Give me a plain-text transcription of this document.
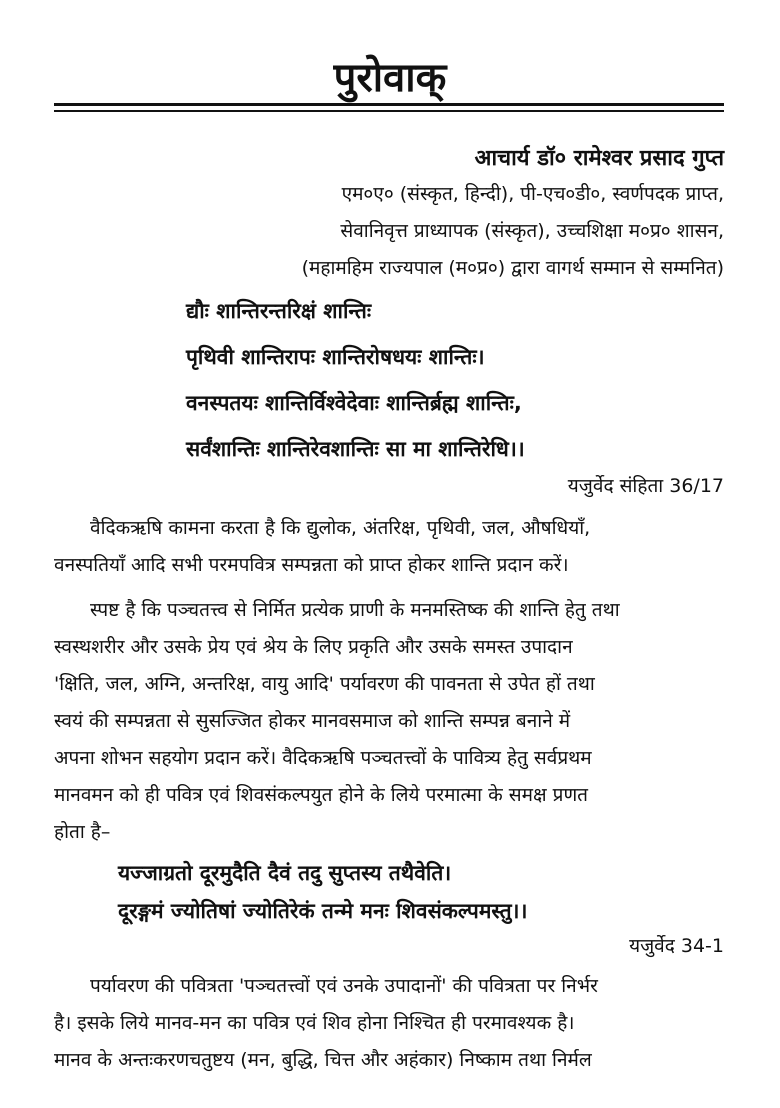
पुरोवाक्
आचार्य डॉ० रामेश्वर प्रसाद गुप्त
एम०ए० (संस्कृत, हिन्दी), पी-एच०डी०, स्वर्णपदक प्राप्त,
सेवानिवृत्त प्राध्यापक (संस्कृत), उच्चशिक्षा म०प्र० शासन,
(महामहिम राज्यपाल (म०प्र०) द्वारा वागर्थ सम्मान से सम्मनित)
द्यौः शान्तिरन्तरिक्षं शान्तिः
पृथिवी शान्तिरापः शान्तिरोषधयः शान्तिः।
वनस्पतयः शान्तिर्विश्वेदेवाः शान्तिर्ब्रह्म शान्तिः,
सर्वंशान्तिः शान्तिरेवशान्तिः सा मा शान्तिरेधि।।
यजुर्वेद संहिता 36/17
वैदिकऋषि कामना करता है कि द्युलोक, अंतरिक्ष, पृथिवी, जल, औषधियाँ,
वनस्पतियाँ आदि सभी परमपवित्र सम्पन्नता को प्राप्त होकर शान्ति प्रदान करें।
स्पष्ट है कि पञ्चतत्त्व से निर्मित प्रत्येक प्राणी के मनमस्तिष्क की शान्ति हेतु तथा
स्वस्थशरीर और उसके प्रेय एवं श्रेय के लिए प्रकृति और उसके समस्त उपादान
'क्षिति, जल, अग्नि, अन्तरिक्ष, वायु आदि' पर्यावरण की पावनता से उपेत हों तथा
स्वयं की सम्पन्नता से सुसज्जित होकर मानवसमाज को शान्ति सम्पन्न बनाने में
अपना शोभन सहयोग प्रदान करें। वैदिकऋषि पञ्चतत्त्वों के पावित्र्य हेतु सर्वप्रथम
मानवमन को ही पवित्र एवं शिवसंकल्पयुत होने के लिये परमात्मा के समक्ष प्रणत
होता है–
यज्जाग्रतो दूरमुदैति दैवं तदु सुप्तस्य तथैवेति।
दूरङ्गमं ज्योतिषां ज्योतिरेकं तन्मे मनः शिवसंकल्पमस्तु।।
यजुर्वेद 34-1
पर्यावरण की पवित्रता 'पञ्चतत्त्वों एवं उनके उपादानों' की पवित्रता पर निर्भर
है। इसके लिये मानव-मन का पवित्र एवं शिव होना निश्चित ही परमावश्यक है।
मानव के अन्तःकरणचतुष्टय (मन, बुद्धि, चित्त और अहंकार) निष्काम तथा निर्मल
